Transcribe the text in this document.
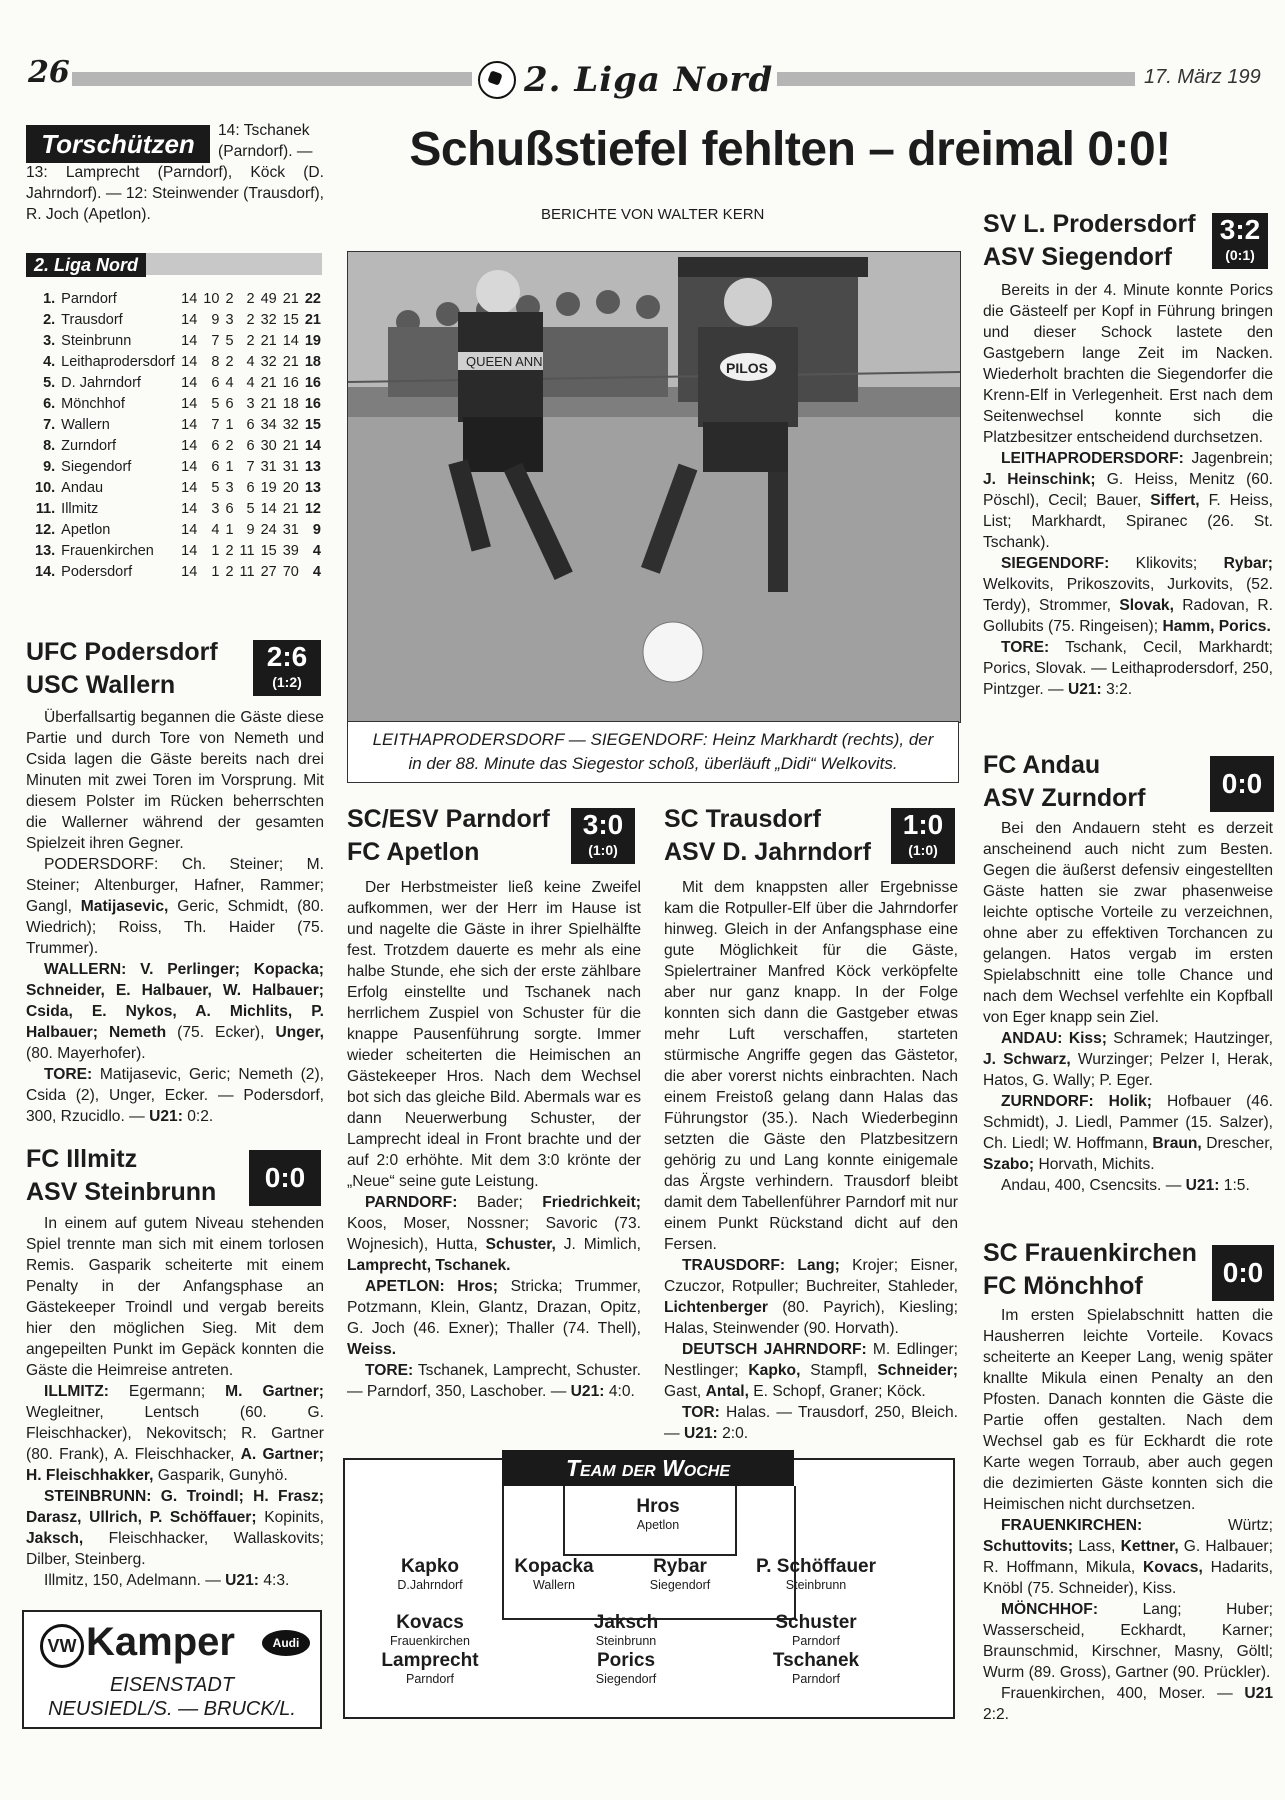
26	2. Liga Nord	17. März 199
Torschützen	14: Tschanek (Parndorf). —
13: Lamprecht (Parndorf), Köck (D. Jahrndorf). — 12: Steinwender (Trausdorf), R. Joch (Apetlon).
2. Liga Nord
1.	Parndorf	14	10	2	2	49	21	22
2.	Trausdorf	14	9	3	2	32	15	21
3.	Steinbrunn	14	7	5	2	21	14	19
4.	Leithaprodersdorf	14	8	2	4	32	21	18
5.	D. Jahrndorf	14	6	4	4	21	16	16
6.	Mönchhof	14	5	6	3	21	18	16
7.	Wallern	14	7	1	6	34	32	15
8.	Zurndorf	14	6	2	6	30	21	14
9.	Siegendorf	14	6	1	7	31	31	13
10.	Andau	14	5	3	6	19	20	13
11.	Illmitz	14	3	6	5	14	21	12
12.	Apetlon	14	4	1	9	24	31	9
13.	Frauenkirchen	14	1	2	11	15	39	4
14.	Podersdorf	14	1	2	11	27	70	4
UFC Podersdorf
USC Wallern
2:6
(1:2)

Überfallsartig begannen die Gäste diese Partie und durch Tore von Nemeth und Csida lagen die Gäste bereits nach drei Minuten mit zwei Toren im Vorsprung. Mit diesem Polster im Rücken beherrschten die Wallerner während der gesamten Spielzeit ihren Gegner.

PODERSDORF: Ch. Steiner; M. Steiner; Altenburger, Hafner, Rammer; Gangl, Matijasevic, Geric, Schmidt, (80. Wiedrich); Roiss, Th. Haider (75. Trummer).

WALLERN: V. Perlinger; Kopacka; Schneider, E. Halbauer, W. Halbauer; Csida, E. Nykos, A. Michlits, P. Halbauer; Nemeth (75. Ecker), Unger, (80. Mayerhofer).

TORE: Matijasevic, Geric; Nemeth (2), Csida (2), Unger, Ecker. — Podersdorf, 300, Rzucidlo. — U21: 0:2.

FC Illmitz
ASV Steinbrunn	0:0

In einem auf gutem Niveau stehenden Spiel trennte man sich mit einem torlosen Remis. Gasparik scheiterte mit einem Penalty in der Anfangsphase an Gästekeeper Troindl und vergab bereits hier den möglichen Sieg. Mit dem angepeilten Punkt im Gepäck konnten die Gäste die Heimreise antreten.

ILLMITZ: Egermann; M. Gartner; Wegleitner, Lentsch (60. G. Fleischhacker), Nekovitsch; R. Gartner (80. Frank), A. Fleischhacker, A. Gartner; H. Fleischhakker, Gasparik, Gunyhö.

STEINBRUNN: G. Troindl; H. Frasz; Darasz, Ullrich, P. Schöffauer; Kopinits, Jaksch, Fleischhacker, Wallaskovits; Dilber, Steinberg.

Illmitz, 150, Adelmann. — U21: 4:3.

VW Kamper	Audi
EISENSTADT
NEUSIEDL/S. — BRUCK/L.
Schußstiefel fehlten – dreimal 0:0!
BERICHTE VON WALTER KERN
QUEEN ANN	PILOS
LEITHAPRODERSDORF — SIEGENDORF: Heinz Markhardt (rechts), der
in der 88. Minute das Siegestor schoß, überläuft „Didi“ Welkovits.
SC/ESV Parndorf
FC Apetlon
3:0
(1:0)

Der Herbstmeister ließ keine Zweifel aufkommen, wer der Herr im Hause ist und nagelte die Gäste in ihrer Spielhälfte fest. Trotzdem dauerte es mehr als eine halbe Stunde, ehe sich der erste zählbare Erfolg einstellte und Tschanek nach herrlichem Zuspiel von Schuster für die knappe Pausenführung sorgte. Immer wieder scheiterten die Heimischen an Gästekeeper Hros. Nach dem Wechsel bot sich das gleiche Bild. Abermals war es dann Neuerwerbung Schuster, der Lamprecht ideal in Front brachte und der auf 2:0 erhöhte. Mit dem 3:0 krönte der „Neue“ seine gute Leistung.

PARNDORF: Bader; Friedrichkeit; Koos, Moser, Nossner; Savoric (73. Wojnesich), Hutta, Schuster, J. Mimlich, Lamprecht, Tschanek.

APETLON: Hros; Stricka; Trummer, Potzmann, Klein, Glantz, Drazan, Opitz, G. Joch (46. Exner); Thaller (74. Thell), Weiss.

TORE: Tschanek, Lamprecht, Schuster. — Parndorf, 350, Laschober. — U21: 4:0.

SC Trausdorf
ASV D. Jahrndorf
1:0
(1:0)

Mit dem knappsten aller Ergebnisse kam die Rotpuller-Elf über die Jahrndorfer hinweg. Gleich in der Anfangsphase eine gute Möglichkeit für die Gäste, Spielertrainer Manfred Köck verköpfelte aber nur ganz knapp. In der Folge konnten sich dann die Gastgeber etwas mehr Luft verschaffen, starteten stürmische Angriffe gegen das Gästetor, die aber vorerst nichts einbrachten. Nach einem Freistoß gelang dann Halas das Führungstor (35.). Nach Wiederbeginn setzten die Gäste den Platzbesitzern gehörig zu und Lang konnte einigemale das Ärgste verhindern. Trausdorf bleibt damit dem Tabellenführer Parndorf mit nur einem Punkt Rückstand dicht auf den Fersen.

TRAUSDORF: Lang; Krojer; Eisner, Czuczor, Rotpuller; Buchreiter, Stahleder, Lichtenberger (80. Payrich), Kiesling; Halas, Steinwender (90. Horvath).

DEUTSCH JAHRNDORF: M. Edlinger; Nestlinger; Kapko, Stampfl, Schneider; Gast, Antal, E. Schopf, Graner; Köck.

TOR: Halas. — Trausdorf, 250, Bleich. — U21: 2:0.

Team der Woche
Hros
Apetlon
Kapko
D.Jahrndorf
Kopacka
Wallern
Rybar
Siegendorf
P. Schöffauer
Steinbrunn
Kovacs
Frauenkirchen
Jaksch
Steinbrunn
Schuster
Parndorf
Lamprecht
Parndorf
Porics
Siegendorf
Tschanek
Parndorf
SV L. Prodersdorf
ASV Siegendorf
3:2
(0:1)

Bereits in der 4. Minute konnte Porics die Gästeelf per Kopf in Führung bringen und dieser Schock lastete den Gastgebern lange Zeit im Nacken. Wiederholt brachten die Siegendorfer die Krenn-Elf in Verlegenheit. Erst nach dem Seitenwechsel konnte sich die Platzbesitzer entscheidend durchsetzen.

LEITHAPRODERSDORF: Jagenbrein; J. Heinschink; G. Heiss, Menitz (60. Pöschl), Cecil; Bauer, Siffert, F. Heiss, List; Markhardt, Spiranec (26. St. Tschank).

SIEGENDORF: Klikovits; Rybar; Welkovits, Prikoszovits, Jurkovits, (52. Terdy), Strommer, Slovak, Radovan, R. Gollubits (75. Ringeisen); Hamm, Porics.

TORE: Tschank, Cecil, Markhardt; Porics, Slovak. — Leithaprodersdorf, 250, Pintzger. — U21: 3:2.

FC Andau
ASV Zurndorf	0:0

Bei den Andauern steht es derzeit anscheinend auch nicht zum Besten. Gegen die äußerst defensiv eingestellten Gäste hatten sie zwar phasenweise leichte optische Vorteile zu verzeichnen, ohne aber zu effektiven Torchancen zu gelangen. Hatos vergab im ersten Spielabschnitt eine tolle Chance und nach dem Wechsel verfehlte ein Kopfball von Eger knapp sein Ziel.

ANDAU: Kiss; Schramek; Hautzinger, J. Schwarz, Wurzinger; Pelzer I, Herak, Hatos, G. Wally; P. Eger.

ZURNDORF: Holik; Hofbauer (46. Schmidt), J. Liedl, Pammer (15. Salzer), Ch. Liedl; W. Hoffmann, Braun, Drescher, Szabo; Horvath, Michits.

Andau, 400, Csencsits. — U21: 1:5.

SC Frauenkirchen
FC Mönchhof	0:0

Im ersten Spielabschnitt hatten die Hausherren leichte Vorteile. Kovacs scheiterte an Keeper Lang, wenig später knallte Mikula einen Penalty an den Pfosten. Danach konnten die Gäste die Partie offen gestalten. Nach dem Wechsel gab es für Eckhardt die rote Karte wegen Torraub, aber auch gegen die dezimierten Gäste konnten sich die Heimischen nicht durchsetzen.

FRAUENKIRCHEN:	Würtz; Schuttovits; Lass, Kettner, G. Halbauer; R. Hoffmann, Mikula, Kovacs, Hadarits, Knöbl (75. Schneider), Kiss.

MÖNCHHOF:	Lang; Huber; Wasserscheid, Eckhardt, Karner; Braunschmid, Kirschner, Masny, Göltl; Wurm (89. Gross), Gartner (90. Prückler).

Frauenkirchen, 400, Moser. — U21 2:2.
